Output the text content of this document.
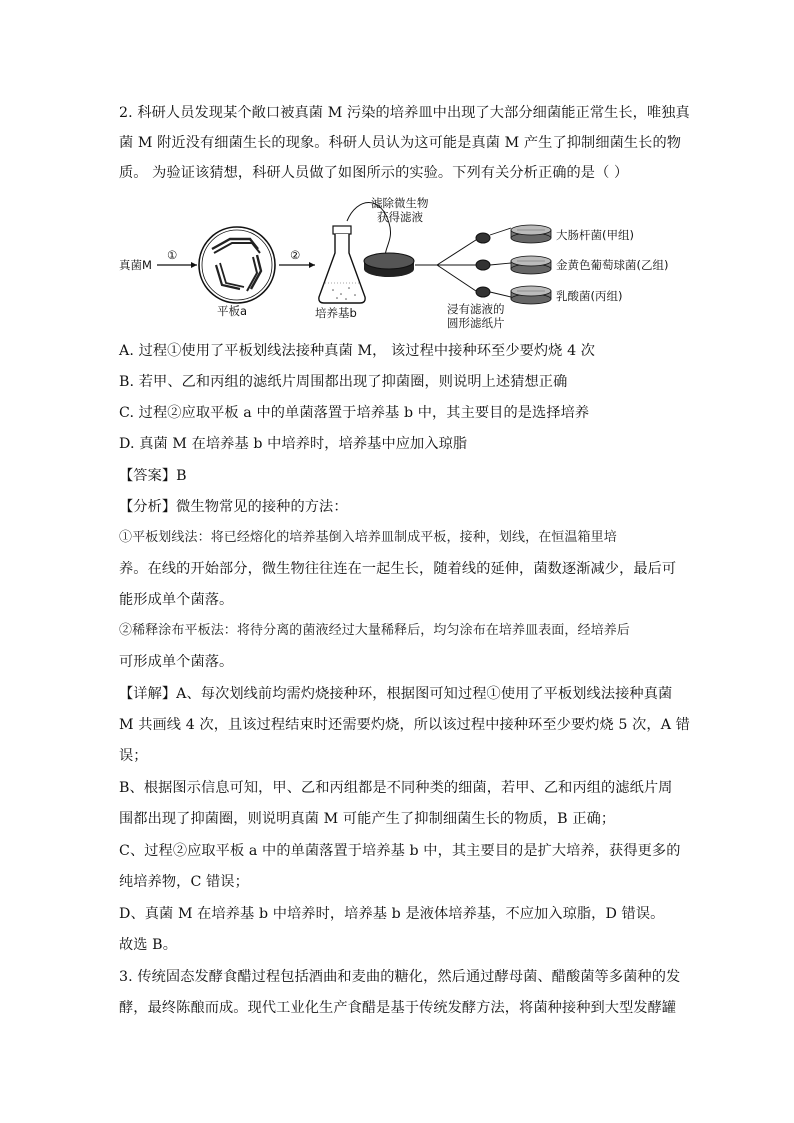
2. 科研人员发现某个敞口被真菌 M 污染的培养皿中出现了大部分细菌能正常生长，唯独真
菌 M 附近没有细菌生长的现象。科研人员认为这可能是真菌 M 产生了抑制细菌生长的物
质。 为验证该猜想，科研人员做了如图所示的实验。下列有关分析正确的是（ ）
真菌M
①
平板a
②
培养基b
滤除微生物
获得滤液
大肠杆菌(甲组)
金黄色葡萄球菌(乙组)
乳酸菌(丙组)
浸有滤液的
圆形滤纸片
A. 过程①使用了平板划线法接种真菌 M， 该过程中接种环至少要灼烧 4 次
B. 若甲、乙和丙组的滤纸片周围都出现了抑菌圈，则说明上述猜想正确
C. 过程②应取平板 a 中的单菌落置于培养基 b 中，其主要目的是选择培养
D. 真菌 M 在培养基 b 中培养时，培养基中应加入琼脂
【答案】B
【分析】微生物常见的接种的方法：
①平板划线法：将已经熔化的培养基倒入培养皿制成平板，接种，划线，在恒温箱里培
养。在线的开始部分，微生物往往连在一起生长，随着线的延伸，菌数逐渐减少，最后可
能形成单个菌落。
②稀释涂布平板法：将待分离的菌液经过大量稀释后，均匀涂布在培养皿表面，经培养后
可形成单个菌落。
【详解】A、每次划线前均需灼烧接种环，根据图可知过程①使用了平板划线法接种真菌
M 共画线 4 次，且该过程结束时还需要灼烧，所以该过程中接种环至少要灼烧 5 次，A 错
误；
B、根据图示信息可知，甲、乙和丙组都是不同种类的细菌，若甲、乙和丙组的滤纸片周
围都出现了抑菌圈，则说明真菌 M 可能产生了抑制细菌生长的物质，B 正确；
C、过程②应取平板 a 中的单菌落置于培养基 b 中，其主要目的是扩大培养，获得更多的
纯培养物，C 错误；
D、真菌 M 在培养基 b 中培养时，培养基 b 是液体培养基，不应加入琼脂，D 错误。
故选 B。
3. 传统固态发酵食醋过程包括酒曲和麦曲的糖化，然后通过酵母菌、醋酸菌等多菌种的发
酵，最终陈酿而成。现代工业化生产食醋是基于传统发酵方法，将菌种接种到大型发酵罐
